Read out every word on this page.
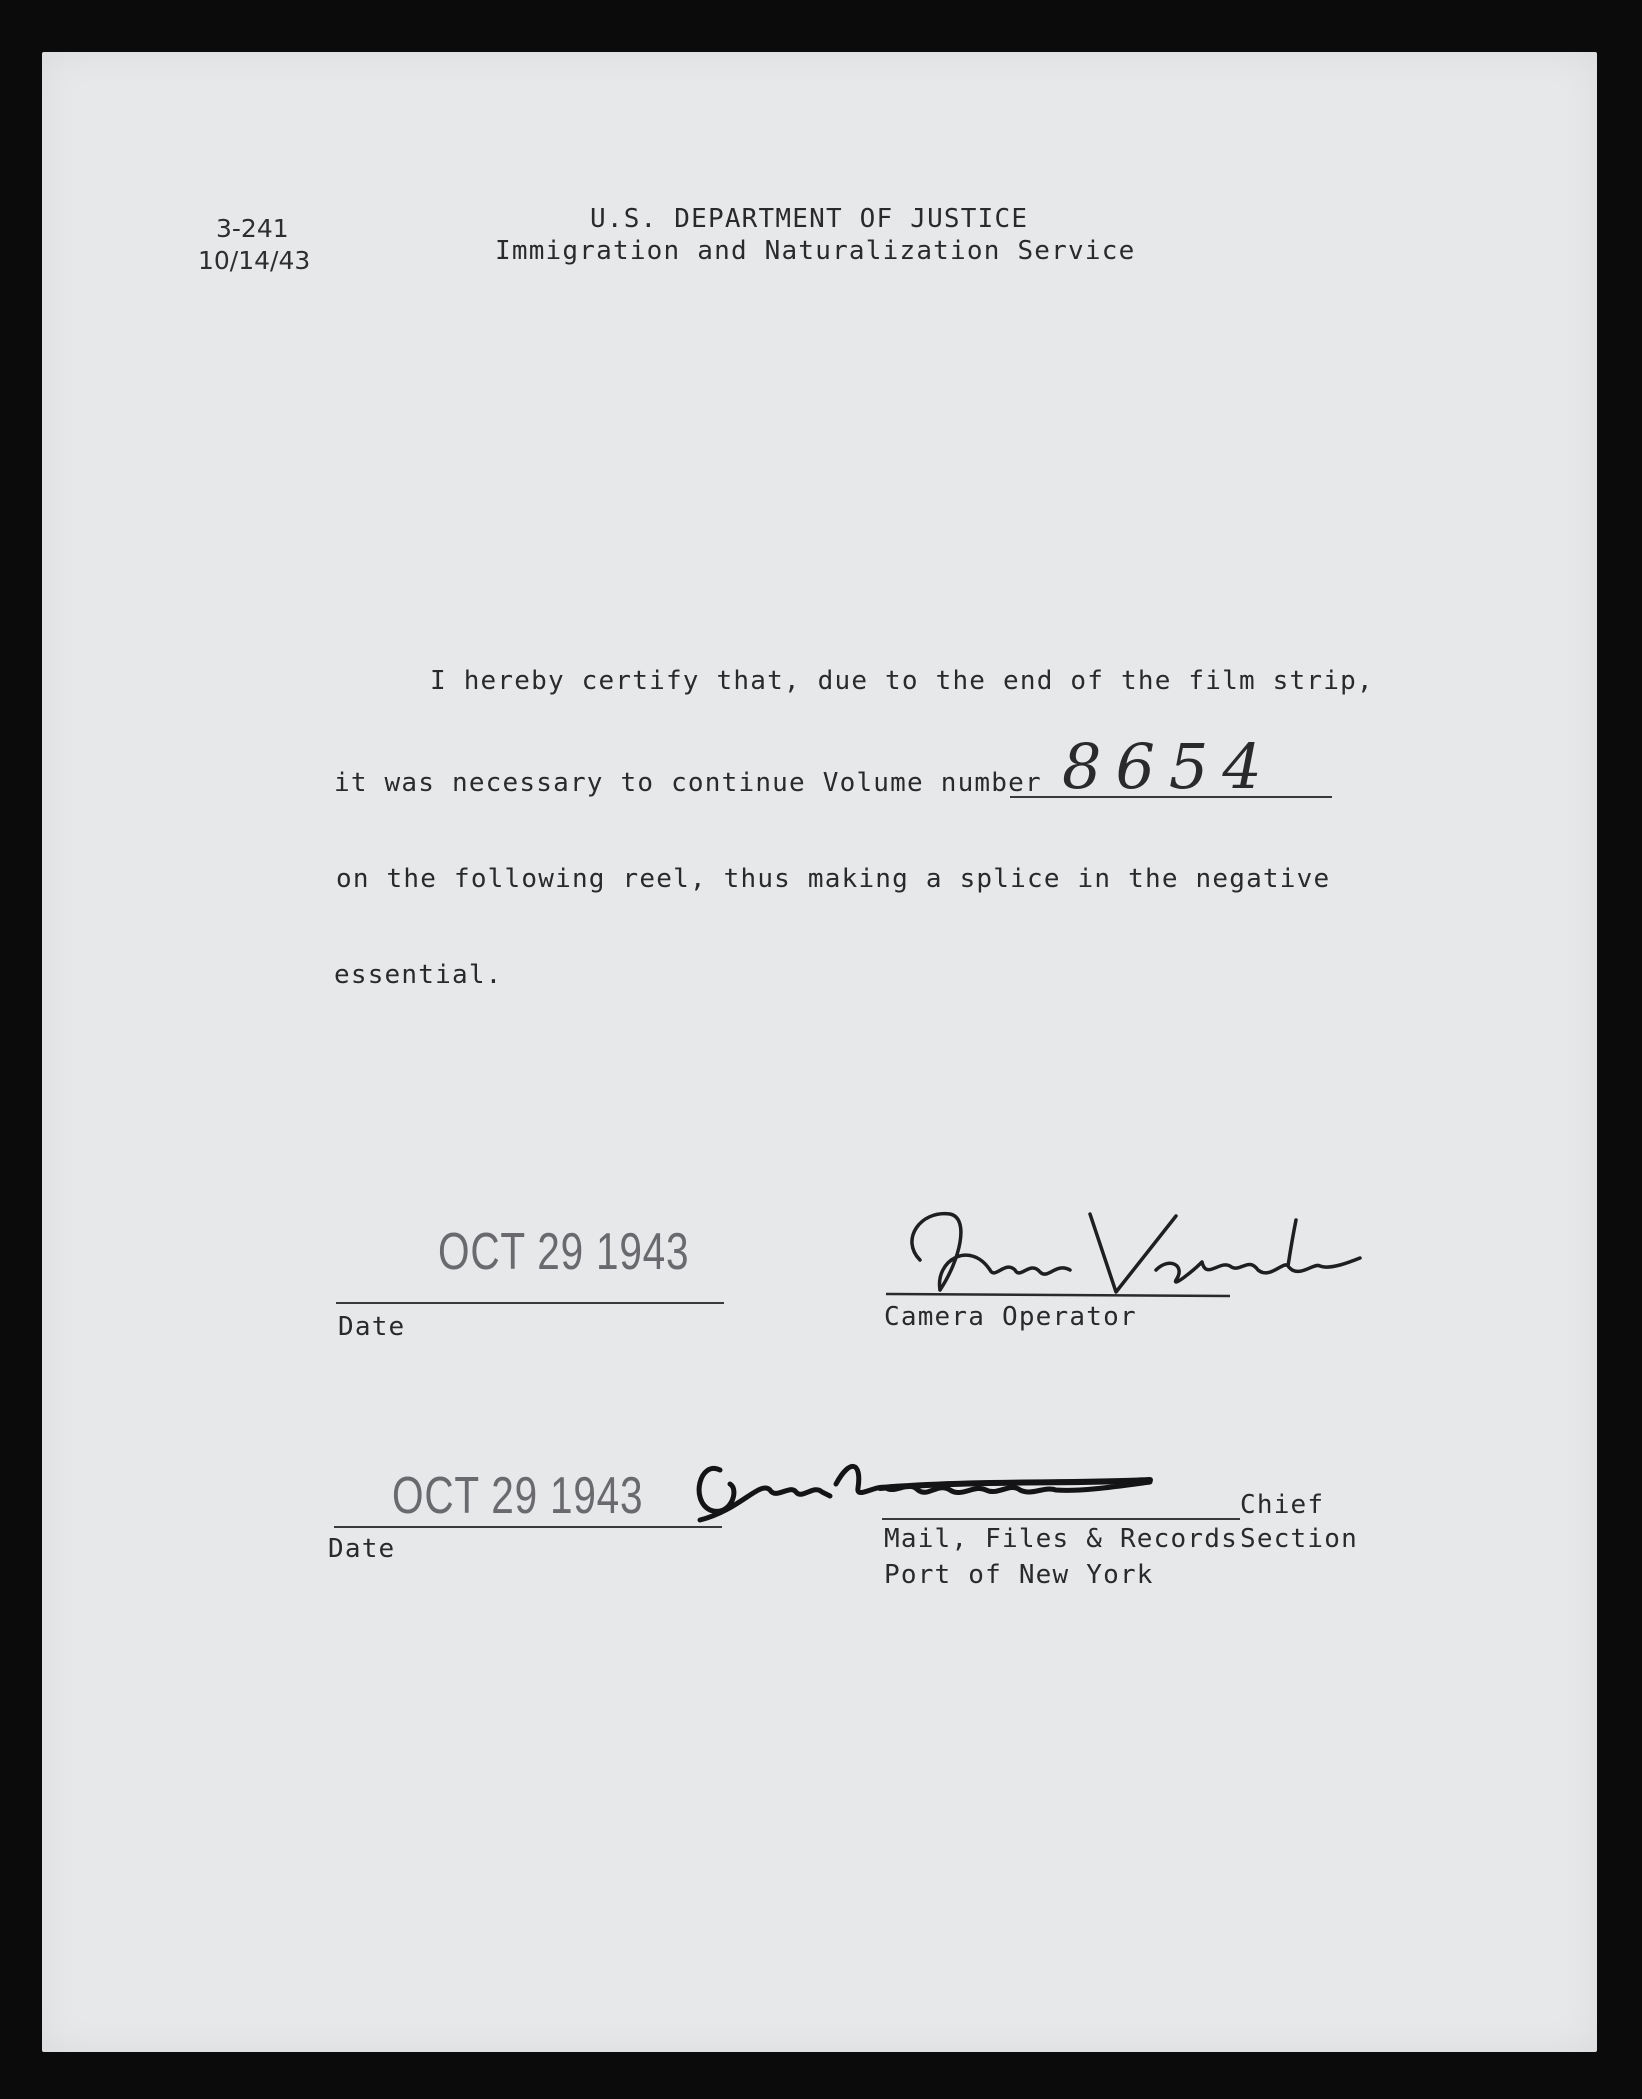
3-241
10/14/43
U.S. DEPARTMENT OF JUSTICE
Immigration and Naturalization Service
I hereby certify that, due to the end of the film strip,
it was necessary to continue Volume number 8654
on the following reel, thus making a splice in the negative
essential.
OCT 29 1943
Date	Camera Operator
OCT 29 1943
Date
Chief
Mail, Files & Records Section
Port of New York
